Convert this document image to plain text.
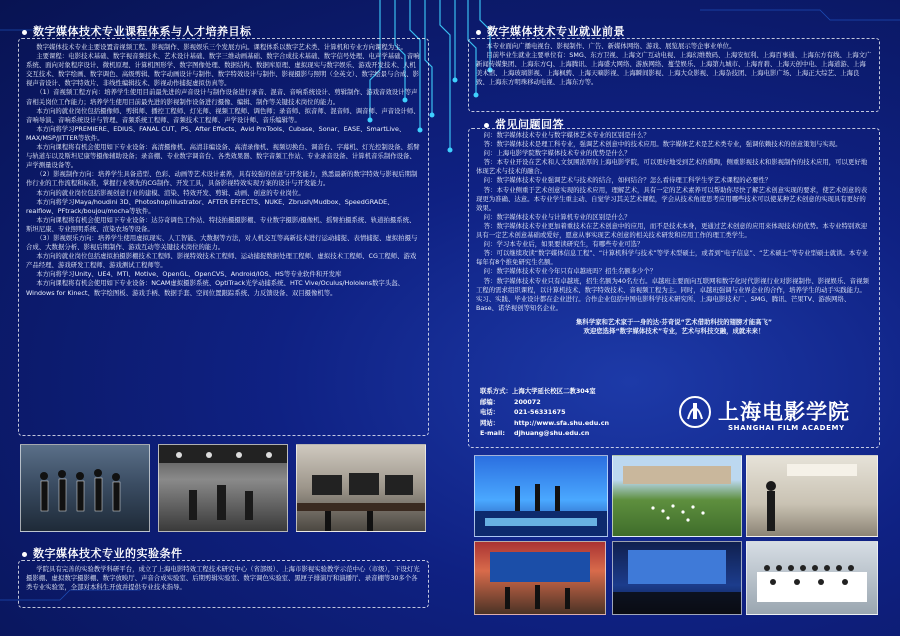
数字媒体技术专业课程体系与人才培养目标

数字媒体技术专业主要设置音视频工程、影视制作、影视娱乐三个发展方向。课程体系以数字艺术类、计算机和专业方向课程为主。

主要课程：电影技术基础、数字视音频技术、艺术设计基础、数字三维动画基础、数字合成技术基础、数字信号处理、电声学基础、音响系统、面向对象程序设计、微机原理、计算机图形学、数字图像处理、数据结构、数据库原理、虚拟现实与数字娱乐、游戏开发技术、人机交互技术、数字绘画、数字调色、高级剪辑、数字动画设计与制作、数字特效设计与制作、影视摄影与照明（全英文）、数字绘景与合成、影视声音设计、数字特效片、非线性编辑技术、影视动作捕捉虚拟仿真等。

（1）音视频工程方向：培养学生使用目前最先进的声音设计与制作设备进行录音、混音、音响系统设计、剪辑制作、游戏音效设计等声音相关岗位工作能力；培养学生使用目前最先进的影视制作设备进行摄像、编辑、制作等关键技术岗位的能力。

本方向的就业岗位包括摄像师、剪辑师、播控工程师、灯光师、视频工程师、调色师；录音师、拟音师、混音师、调音师、声音设计师、音响导演、音响系统设计与管理、音频系统工程师、音频技术工程师、声学设计师、音乐编辑等。

本方向将学习PREMIERE、EDIUS、FANAL CUT、PS、After Effects、Avid ProTools、Cubase、Sonar、EASE、SmartLive、MAX/MSP/JITTER等软件。

本方向课程将有机会使用如下专业设备：高清摄像机、高清非编设备、高清录像机、视频切换台、调音台、字幕机、灯光控制设备、摇臂与轨道车以及斯坦尼康等摄像辅助设备；录音棚、专业数字调音台、各类效果器、数字音频工作站、专业录音设备、计算机音乐制作设备、声学测量设备等。

（2）影视制作方向：培养学生具备造型、色彩、动画等艺术设计素养，具有较强的创意与开发能力，熟悉最新的数字特效与影视后期制作行业的工作流程和标准，掌握行业领先的CG制作、开发工具，具备影视特效实现方案的设计与开发能力。

本方向的就业岗位包括影视创意行业的建模、渲染、特效开发、剪辑、动画、创意的专业岗位。

本方向将学习Maya/houdini 3D、Photoshop/illustrator、AFTER EFFECTS、NUKE、Zbrush/Mudbox、SpeedGRADE、realflow、PFtrack/boujou/mocha等软件。

本方向课程将有机会使用如下专业设备：达芬奇调色工作站、特技拍摄摄影棚、专业数字摄影/摄像机、摇臂拍摄系统、轨道拍摄系统、斯坦尼康、专业照明系统、渲染农场等设备。

（3）影视娱乐方向：培养学生使用虚拟现实、人工智能、大数据等方法，对人机交互等高新技术进行运动捕捉、表情捕捉、虚拟拍摄与合成、大数据分析、影视后期制作、游戏互动等关键技术岗位的能力。

本方向的就业岗位包括虚拟拍摄影棚技术工程师、影视特效技术工程师、运动捕捉数据处理工程师、虚拟技术工程师、CG工程师、游戏产品经理、游戏研发工程师、游戏测试工程师等。

本方向将学习Unity、UE4、MTI、Motive、OpenGL、OpenCVS、Android/IOS、HS等专业软件和开发库

本方向课程将有机会使用如下专业设备：NCAM虚拟摄影系统、OptiTrack光学动捕系统、HTC Vive/Oculus/Hololens数字头盔、Windows for Kinect、数字绘图板、游戏手柄、数据手套、空间位置跟踪系统、力反馈设备、双目摄像机等。

数字媒体技术专业的实验条件

学院具有完善的实验教学科研平台，成立了上海电影特效工程技术研究中心（省部级）、上海市影视实验教学示范中心（市级），下设灯光摄影棚、虚拟数字摄影棚、数字放映厅、声音合成实验室、后期剪辑实验室、数字调色实验室、黑匣子排演厅和演播厅、录音棚等30多个各类专业实验室，全部对本科生开放并提供专业技术指导。

数字媒体技术专业就业前景

本专业面向广播电视台、影视制作、广告、新媒体网络、游戏、展览展示等企事业单位。

目前毕业生就业主要单位有：SMG、东方卫视、上海文广互动电视、上海幻维数码、上海安恒利、上海百事通、上海东方有线、上海文广新闻传媒集团、上海东方CJ、上海腾讯、上海盛大网络、游族网络、蔓莹娱乐、上海第九城市、上海育碧、上海天创中电、上海道游、上海美术馆、上海玻璃影视、上海枫骋、上海天嘀影视、上海瞬间影视、上海大众影视、上海杂技团、上海电影广场、上海正大综艺、上海良致、上海东方明珠移动电视、上海东方等。

常见问题回答

问：数字媒体技术专业与数字媒体艺术专业的区别是什么？

答：数字媒体技术是理工科专业，强调艺术创意中的技术应用。数字媒体艺术是艺术类专业，强调依赖技术的创意策划与实现。

问：上海电影学院数字媒体技术专业的优势是什么？

答：本专业开设在艺术和人文氛围浓厚的上海电影学院，可以更好地受到艺术的熏陶，侧重影视技术和影视制作的技术应用，可以更好地体现艺术与技术的融合。

问：数字媒体技术专业强调艺术与技术的结合，如何结合？怎么看待理工科学生学艺术课程的必要性？

答：本专业侧重于艺术创意实现的技术应用，理解艺术，具有一定的艺术素养可以帮助你尽快了解艺术创意实现的要求，使艺术创意的表现更为准确、达意。本专业学生重主动、自觉学习其关艺术课程，学会从技术角度思考应用哪些技术可以使某种艺术创意的实现具有更好的效果。

问：数字媒体技术专业与计算机专业的区别是什么？

答：数字媒体技术专业更加着重技术在艺术创意中的应用，而不是技术本身，更通过艺术创意的应用来体现技术的优势。本专业特别欢迎具有一定艺术创意基础或爱好，愿意从事实现艺术创意的相关技术研发和应用工作的理工类学生。

问：学习本专业后，如果要读研究生，有哪些专业可选？

答：可以继续攻读“数字媒体信息工程”、“计算机科学与技术”等学术型硕士，或者到“电子信息”、“艺术硕士”等专业型硕士就读。本专业每年有8个推免研究生名额。

问：数字媒体技术专业今年只有卓越班吗？招生名额多少个？

答：数字媒体技术专业只有卓越班，招生名额为40名左右。卓越班主要面向互联网和数字化时代影视行业对影视制作、影视娱乐、音视频工程的需求组织课程，以计算机技术、数字特效技术、音视频工程为主。同时，卓越班强调与业界企业的合作，培养学生的动手实践能力。实习、实践、毕业设计都在企业进行。合作企业包括中国电影科学技术研究所、上海电影技术厂、SMG、腾讯、芒果TV、游族网络、Base、诺华视创等知名企业。

集科学家和艺术家于一身的达·芬奇说“艺术借助科技的翅膀才能高飞”

欢迎您选择“数字媒体技术”专业，艺术与科技交融，成就未来！

联系方式：上海大学延长校区二教304室
邮编： 200072
电话： 021-56331675
网站： http://www.sfa.shu.edu.cn
E-mail: djhuang@shu.edu.cn
上海电影学院
SHANGHAI FILM ACADEMY
